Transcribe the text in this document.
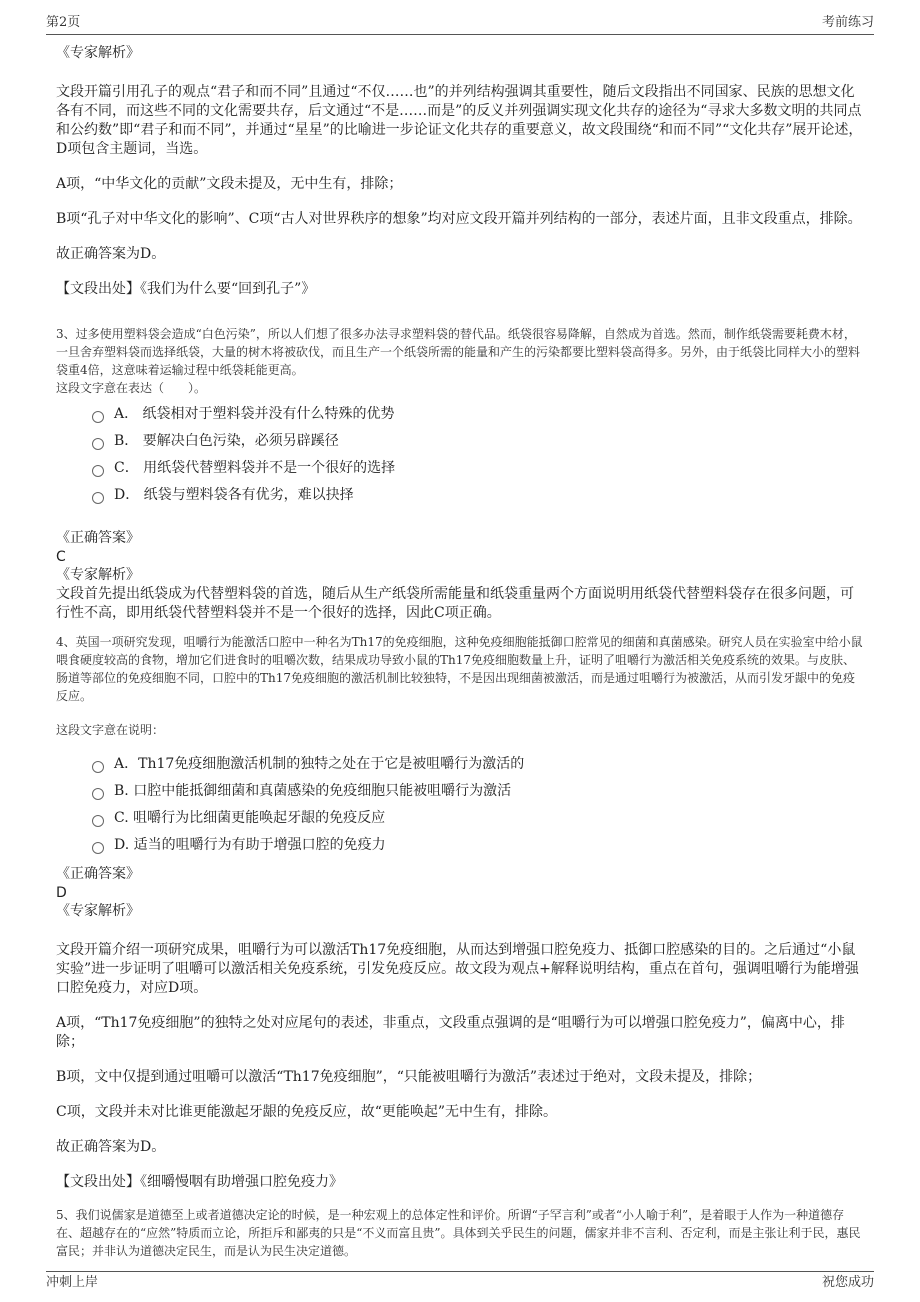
第2页	考前练习

《专家解析》

文段开篇引用孔子的观点“君子和而不同”且通过“不仅……也”的并列结构强调其重要性，随后文段指出不同国家、民族的思想文化各有不同，而这些不同的文化需要共存，后文通过“不是……而是”的反义并列强调实现文化共存的途径为“寻求大多数文明的共同点和公约数”即“君子和而不同”，并通过“星星”的比喻进一步论证文化共存的重要意义，故文段围绕“和而不同”“文化共存”展开论述，D项包含主题词，当选。

A项，“中华文化的贡献”文段未提及，无中生有，排除；

B项“孔子对中华文化的影响”、C项“古人对世界秩序的想象”均对应文段开篇并列结构的一部分，表述片面，且非文段重点，排除。

故正确答案为D。

【文段出处】《我们为什么要“回到孔子”》

3、过多使用塑料袋会造成“白色污染”，所以人们想了很多办法寻求塑料袋的替代品。纸袋很容易降解，自然成为首选。然而，制作纸袋需要耗费木材，一旦舍弃塑料袋而选择纸袋，大量的树木将被砍伐，而且生产一个纸袋所需的能量和产生的污染都要比塑料袋高得多。另外，由于纸袋比同样大小的塑料袋重4倍，这意味着运输过程中纸袋耗能更高。

这段文字意在表达（　　）。

A． 纸袋相对于塑料袋并没有什么特殊的优势
B． 要解决白色污染，必须另辟蹊径
C． 用纸袋代替塑料袋并不是一个很好的选择
D． 纸袋与塑料袋各有优劣，难以抉择

《正确答案》

C

《专家解析》

文段首先提出纸袋成为代替塑料袋的首选，随后从生产纸袋所需能量和纸袋重量两个方面说明用纸袋代替塑料袋存在很多问题，可行性不高，即用纸袋代替塑料袋并不是一个很好的选择，因此C项正确。

4、英国一项研究发现，咀嚼行为能激活口腔中一种名为Th17的免疫细胞，这种免疫细胞能抵御口腔常见的细菌和真菌感染。研究人员在实验室中给小鼠喂食硬度较高的食物，增加它们进食时的咀嚼次数，结果成功导致小鼠的Th17免疫细胞数量上升，证明了咀嚼行为激活相关免疫系统的效果。与皮肤、肠道等部位的免疫细胞不同，口腔中的Th17免疫细胞的激活机制比较独特，不是因出现细菌被激活，而是通过咀嚼行为被激活，从而引发牙龈中的免疫反应。

这段文字意在说明：

A．Th17免疫细胞激活机制的独特之处在于它是被咀嚼行为激活的
B. 口腔中能抵御细菌和真菌感染的免疫细胞只能被咀嚼行为激活
C. 咀嚼行为比细菌更能唤起牙龈的免疫反应
D. 适当的咀嚼行为有助于增强口腔的免疫力

《正确答案》

D

《专家解析》

文段开篇介绍一项研究成果，咀嚼行为可以激活Th17免疫细胞，从而达到增强口腔免疫力、抵御口腔感染的目的。之后通过“小鼠实验”进一步证明了咀嚼可以激活相关免疫系统，引发免疫反应。故文段为观点+解释说明结构，重点在首句，强调咀嚼行为能增强口腔免疫力，对应D项。

A项，“Th17免疫细胞”的独特之处对应尾句的表述，非重点，文段重点强调的是“咀嚼行为可以增强口腔免疫力”，偏离中心，排除；

B项，文中仅提到通过咀嚼可以激活“Th17免疫细胞”，“只能被咀嚼行为激活”表述过于绝对，文段未提及，排除；

C项，文段并未对比谁更能激起牙龈的免疫反应，故“更能唤起”无中生有，排除。

故正确答案为D。

【文段出处】《细嚼慢咽有助增强口腔免疫力》

5、我们说儒家是道德至上或者道德决定论的时候，是一种宏观上的总体定性和评价。所谓“子罕言利”或者“小人喻于利”，是着眼于人作为一种道德存在、超越存在的“应然”特质而立论，所拒斥和鄙夷的只是“不义而富且贵”。具体到关乎民生的问题，儒家并非不言利、否定利，而是主张让利于民，惠民富民；并非认为道德决定民生，而是认为民生决定道德。

冲刺上岸	祝您成功
